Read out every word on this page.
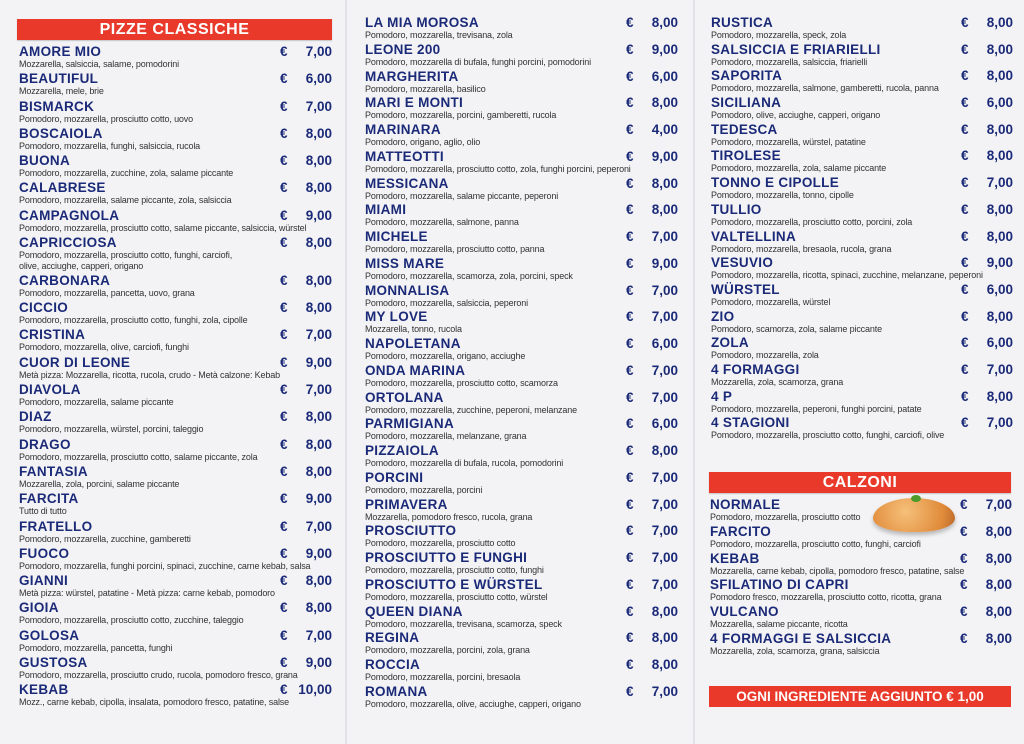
PIZZE CLASSICHE
AMORE MIO
Mozzarella, salsiccia, salame, pomodorini
€ 7,00
BEAUTIFUL
Mozzarella, mele, brie
€ 6,00
BISMARCK
Pomodoro, mozzarella, prosciutto cotto, uovo
€ 7,00
BOSCAIOLA
Pomodoro, mozzarella, funghi, salsiccia, rucola
€ 8,00
BUONA
Pomodoro, mozzarella, zucchine, zola, salame piccante
€ 8,00
CALABRESE
Pomodoro, mozzarella, salame piccante, zola, salsiccia
€ 8,00
CAMPAGNOLA
Pomodoro, mozzarella, prosciutto cotto, salame piccante, salsiccia, würstel
€ 9,00
CAPRICCIOSA
Pomodoro, mozzarella, prosciutto cotto, funghi, carciofi,
olive, acciughe, capperi, origano
€ 8,00
CARBONARA
Pomodoro, mozzarella, pancetta, uovo, grana
€ 8,00
CICCIO
Pomodoro, mozzarella, prosciutto cotto, funghi, zola, cipolle
€ 8,00
CRISTINA
Pomodoro, mozzarella, olive, carciofi, funghi
€ 7,00
CUOR DI LEONE
Metà pizza: Mozzarella, ricotta, rucola, crudo - Metà calzone: Kebab
€ 9,00
DIAVOLA
Pomodoro, mozzarella, salame piccante
€ 7,00
DIAZ
Pomodoro, mozzarella, würstel, porcini, taleggio
€ 8,00
DRAGO
Pomodoro, mozzarella, prosciutto cotto, salame piccante, zola
€ 8,00
FANTASIA
Mozzarella, zola, porcini, salame piccante
€ 8,00
FARCITA
Tutto di tutto
€ 9,00
FRATELLO
Pomodoro, mozzarella, zucchine, gamberetti
€ 7,00
FUOCO
Pomodoro, mozzarella, funghi porcini, spinaci, zucchine, carne kebab, salsa
€ 9,00
GIANNI
Metà pizza: würstel, patatine - Metà pizza: carne kebab, pomodoro
€ 8,00
GIOIA
Pomodoro, mozzarella, prosciutto cotto, zucchine, taleggio
€ 8,00
GOLOSA
Pomodoro, mozzarella, pancetta, funghi
€ 7,00
GUSTOSA
Pomodoro, mozzarella, prosciutto crudo, rucola, pomodoro fresco, grana
€ 9,00
KEBAB
Mozz., carne kebab, cipolla, insalata, pomodoro fresco, patatine, salse
€ 10,00
LA MIA MOROSA
Pomodoro, mozzarella, trevisana, zola
€ 8,00
LEONE 200
Pomodoro, mozzarella di bufala, funghi porcini, pomodorini
€ 9,00
MARGHERITA
Pomodoro, mozzarella, basilico
€ 6,00
MARI E MONTI
Pomodoro, mozzarella, porcini, gamberetti, rucola
€ 8,00
MARINARA
Pomodoro, origano, aglio, olio
€ 4,00
MATTEOTTI
Pomodoro, mozzarella, prosciutto cotto, zola, funghi porcini, peperoni
€ 9,00
MESSICANA
Pomodoro, mozzarella, salame piccante, peperoni
€ 8,00
MIAMI
Pomodoro, mozzarella, salmone, panna
€ 8,00
MICHELE
Pomodoro, mozzarella, prosciutto cotto, panna
€ 7,00
MISS MARE
Pomodoro, mozzarella, scamorza, zola, porcini, speck
€ 9,00
MONNALISA
Pomodoro, mozzarella, salsiccia, peperoni
€ 7,00
MY LOVE
Mozzarella, tonno, rucola
€ 7,00
NAPOLETANA
Pomodoro, mozzarella, origano, acciughe
€ 6,00
ONDA MARINA
Pomodoro, mozzarella, prosciutto cotto, scamorza
€ 7,00
ORTOLANA
Pomodoro, mozzarella, zucchine, peperoni, melanzane
€ 7,00
PARMIGIANA
Pomodoro, mozzarella, melanzane, grana
€ 6,00
PIZZAIOLA
Pomodoro, mozzarella di bufala, rucola, pomodorini
€ 8,00
PORCINI
Pomodoro, mozzarella, porcini
€ 7,00
PRIMAVERA
Mozzarella, pomodoro fresco, rucola, grana
€ 7,00
PROSCIUTTO
Pomodoro, mozzarella, prosciutto cotto
€ 7,00
PROSCIUTTO E FUNGHI
Pomodoro, mozzarella, prosciutto cotto, funghi
€ 7,00
PROSCIUTTO E WÜRSTEL
Pomodoro, mozzarella, prosciutto cotto, würstel
€ 7,00
QUEEN DIANA
Pomodoro, mozzarella, trevisana, scamorza, speck
€ 8,00
REGINA
Pomodoro, mozzarella, porcini, zola, grana
€ 8,00
ROCCIA
Pomodoro, mozzarella, porcini, bresaola
€ 8,00
ROMANA
Pomodoro, mozzarella, olive, acciughe, capperi, origano
€ 7,00
RUSTICA
Pomodoro, mozzarella, speck, zola
€ 8,00
SALSICCIA E FRIARIELLI
Pomodoro, mozzarella, salsiccia, friarielli
€ 8,00
SAPORITA
Pomodoro, mozzarella, salmone, gamberetti, rucola, panna
€ 8,00
SICILIANA
Pomodoro, olive, acciughe, capperi, origano
€ 6,00
TEDESCA
Pomodoro, mozzarella, würstel, patatine
€ 8,00
TIROLESE
Pomodoro, mozzarella, zola, salame piccante
€ 8,00
TONNO E CIPOLLE
Pomodoro, mozzarella, tonno, cipolle
€ 7,00
TULLIO
Pomodoro, mozzarella, prosciutto cotto, porcini, zola
€ 8,00
VALTELLINA
Pomodoro, mozzarella, bresaola, rucola, grana
€ 8,00
VESUVIO
Pomodoro, mozzarella, ricotta, spinaci, zucchine, melanzane, peperoni
€ 9,00
WÜRSTEL
Pomodoro, mozzarella, würstel
€ 6,00
ZIO
Pomodoro, scamorza, zola, salame piccante
€ 8,00
ZOLA
Pomodoro, mozzarella, zola
€ 6,00
4 FORMAGGI
Mozzarella, zola, scamorza, grana
€ 7,00
4 P
Pomodoro, mozzarella, peperoni, funghi porcini, patate
€ 8,00
4 STAGIONI
Pomodoro, mozzarella, prosciutto cotto, funghi, carciofi, olive
€ 7,00
CALZONI
NORMALE
Pomodoro, mozzarella, prosciutto cotto
€ 7,00
FARCITO
Pomodoro, mozzarella, prosciutto cotto, funghi, carciofi
€ 8,00
KEBAB
Mozzarella, carne kebab, cipolla, pomodoro fresco, patatine, salse
€ 8,00
SFILATINO DI CAPRI
Pomodoro fresco, mozzarella, prosciutto cotto, ricotta, grana
€ 8,00
VULCANO
Mozzarella, salame piccante, ricotta
€ 8,00
4 FORMAGGI E SALSICCIA
Mozzarella, zola, scamorza, grana, salsiccia
€ 8,00
OGNI INGREDIENTE AGGIUNTO € 1,00
